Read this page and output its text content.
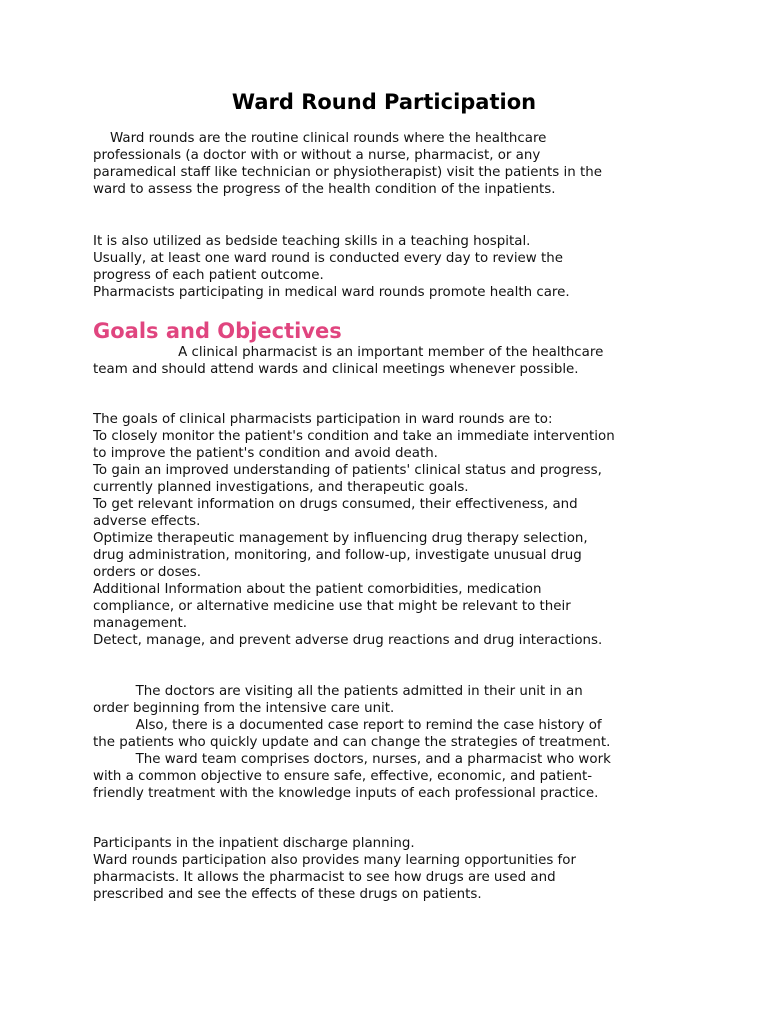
Ward Round Participation

Ward rounds are the routine clinical rounds where the healthcare

professionals (a doctor with or without a nurse, pharmacist, or any

paramedical staff like technician or physiotherapist) visit the patients in the

ward to assess the progress of the health condition of the inpatients.

It is also utilized as bedside teaching skills in a teaching hospital.

Usually, at least one ward round is conducted every day to review the

progress of each patient outcome.

Pharmacists participating in medical ward rounds promote health care.

Goals and Objectives

A clinical pharmacist is an important member of the healthcare

team and should attend wards and clinical meetings whenever possible.

The goals of clinical pharmacists participation in ward rounds are to:

To closely monitor the patient's condition and take an immediate intervention

to improve the patient's condition and avoid death.

To gain an improved understanding of patients' clinical status and progress,

currently planned investigations, and therapeutic goals.

To get relevant information on drugs consumed, their effectiveness, and

adverse effects.

Optimize therapeutic management by influencing drug therapy selection,

drug administration, monitoring, and follow-up, investigate unusual drug

orders or doses.

Additional Information about the patient comorbidities, medication

compliance, or alternative medicine use that might be relevant to their

management.

Detect, manage, and prevent adverse drug reactions and drug interactions.

The doctors are visiting all the patients admitted in their unit in an

order beginning from the intensive care unit.

Also, there is a documented case report to remind the case history of

the patients who quickly update and can change the strategies of treatment.

The ward team comprises doctors, nurses, and a pharmacist who work

with a common objective to ensure safe, effective, economic, and patient-

friendly treatment with the knowledge inputs of each professional practice.

Participants in the inpatient discharge planning.

Ward rounds participation also provides many learning opportunities for

pharmacists. It allows the pharmacist to see how drugs are used and

prescribed and see the effects of these drugs on patients.
